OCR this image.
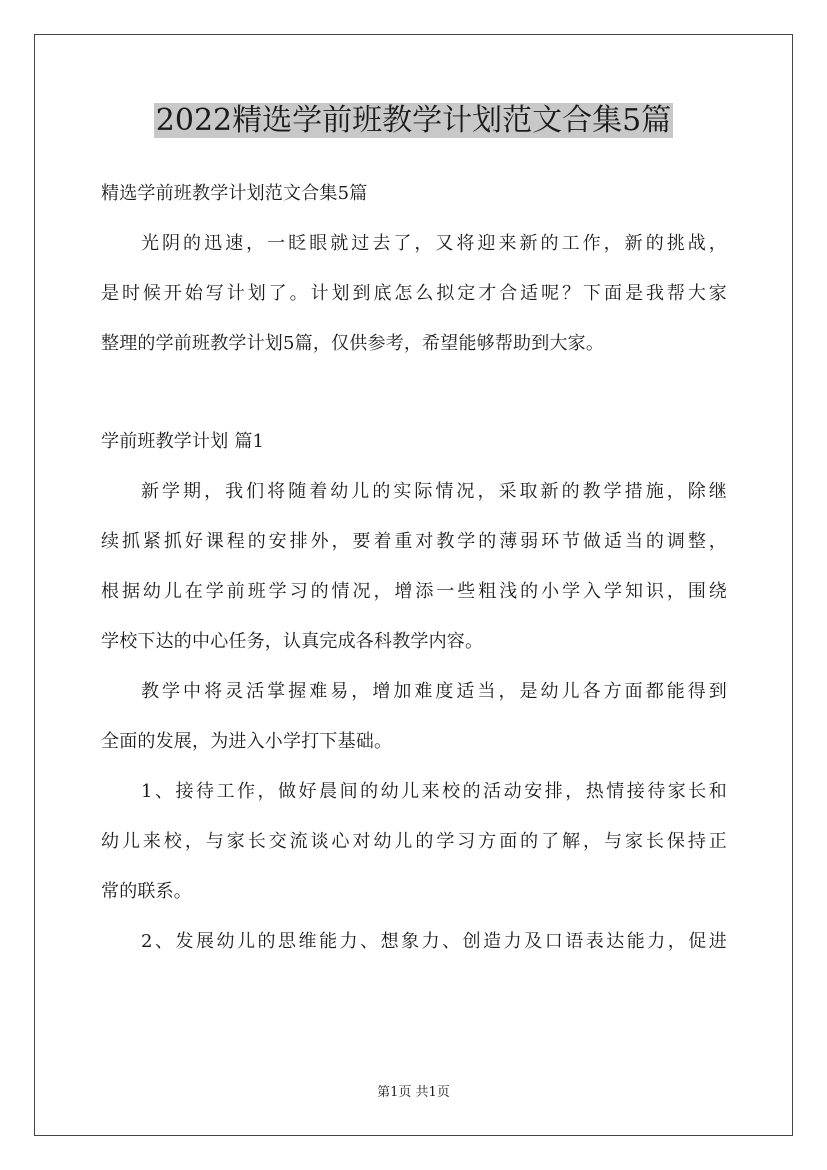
2022精选学前班教学计划范文合集5篇
精选学前班教学计划范文合集5篇
光阴的迅速，一眨眼就过去了，又将迎来新的工作，新的挑战，
是时候开始写计划了。计划到底怎么拟定才合适呢？下面是我帮大家
整理的学前班教学计划5篇，仅供参考，希望能够帮助到大家。
学前班教学计划 篇1
新学期，我们将随着幼儿的实际情况，采取新的教学措施，除继
续抓紧抓好课程的安排外，要着重对教学的薄弱环节做适当的调整，
根据幼儿在学前班学习的情况，增添一些粗浅的小学入学知识，围绕
学校下达的中心任务，认真完成各科教学内容。
教学中将灵活掌握难易，增加难度适当，是幼儿各方面都能得到
全面的发展，为进入小学打下基础。
1、接待工作，做好晨间的幼儿来校的活动安排，热情接待家长和
幼儿来校，与家长交流谈心对幼儿的学习方面的了解，与家长保持正
常的联系。
2、发展幼儿的思维能力、想象力、创造力及口语表达能力，促进
第1页 共1页
